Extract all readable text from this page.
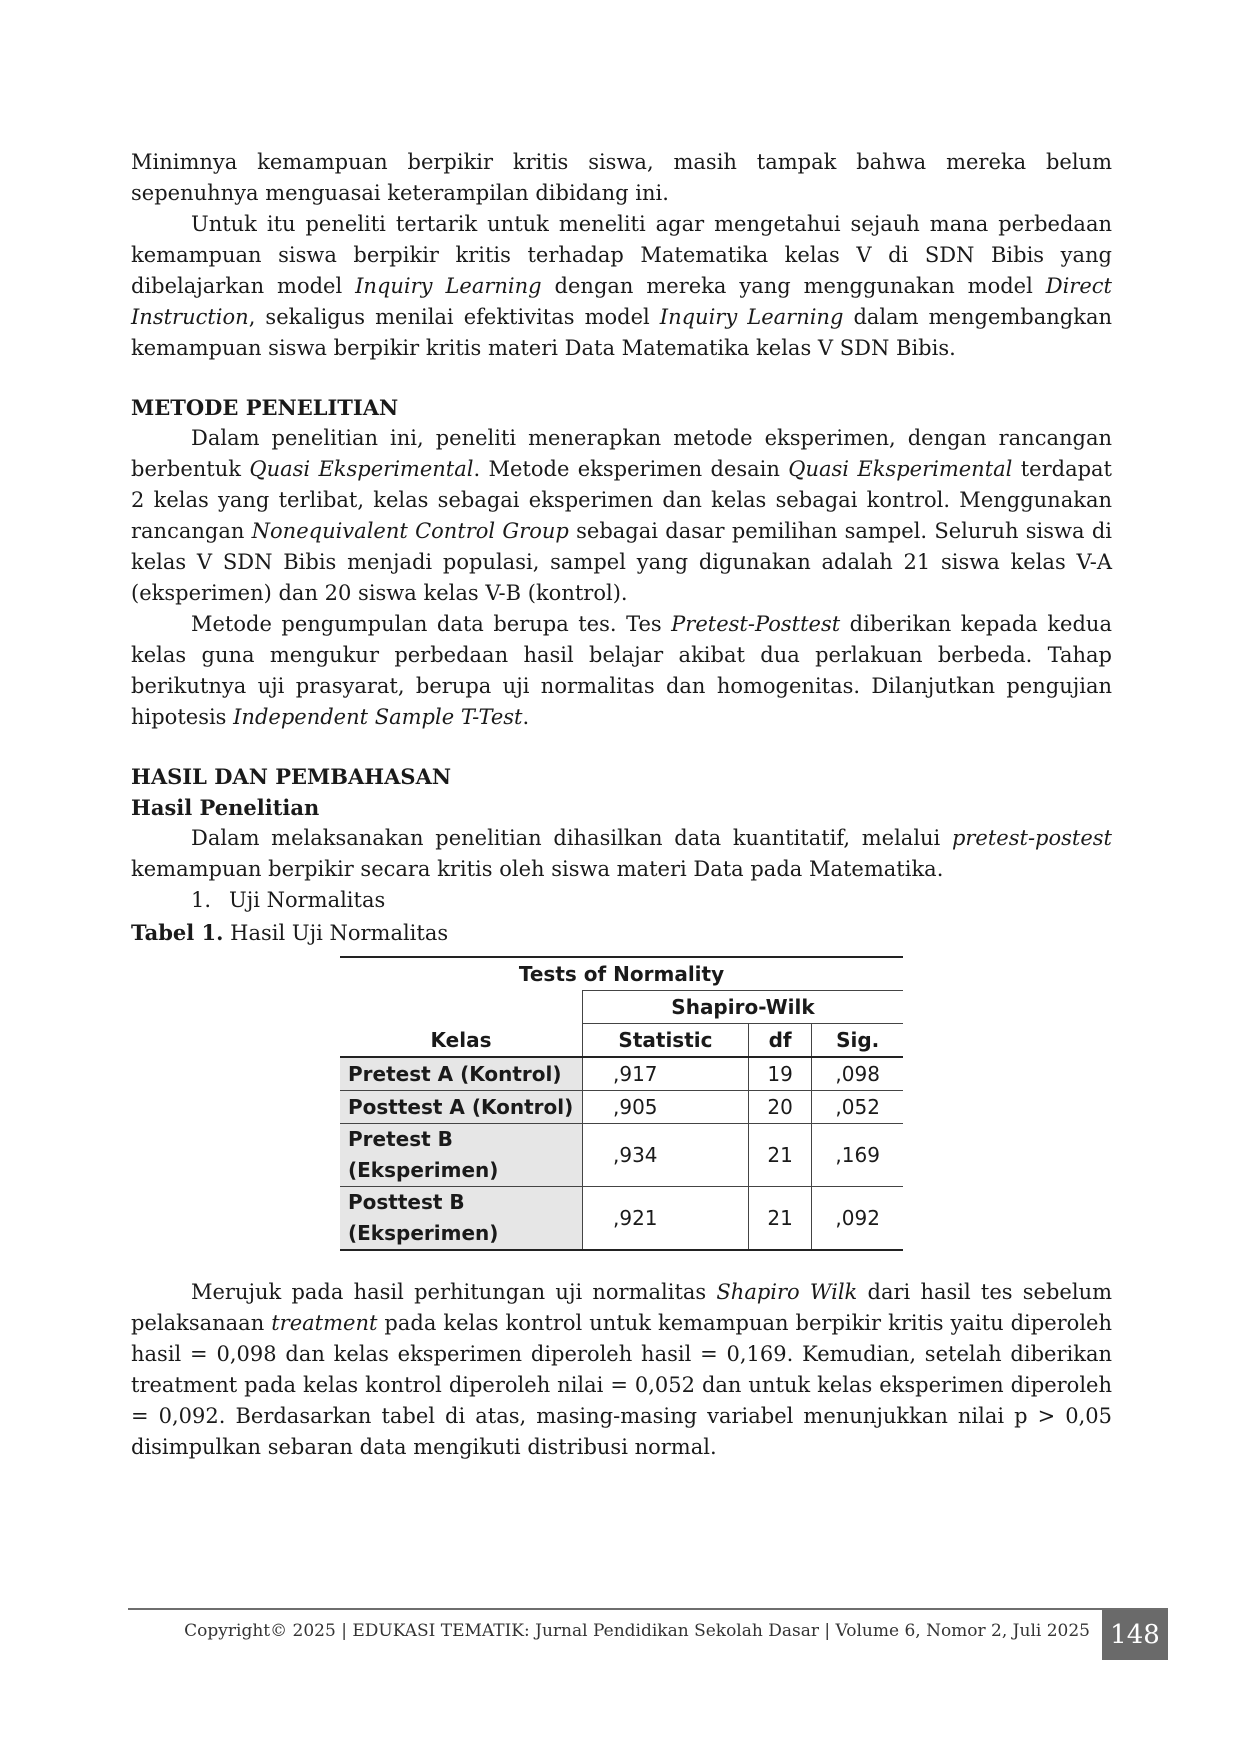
Minimnya kemampuan berpikir kritis siswa, masih tampak bahwa mereka belum sepenuhnya menguasai keterampilan dibidang ini.

Untuk itu peneliti tertarik untuk meneliti agar mengetahui sejauh mana perbedaan kemampuan siswa berpikir kritis terhadap Matematika kelas V di SDN Bibis yang dibelajarkan model Inquiry Learning dengan mereka yang menggunakan model Direct Instruction, sekaligus menilai efektivitas model Inquiry Learning dalam mengembangkan kemampuan siswa berpikir kritis materi Data Matematika kelas V SDN Bibis.

METODE PENELITIAN

Dalam penelitian ini, peneliti menerapkan metode eksperimen, dengan rancangan berbentuk Quasi Eksperimental. Metode eksperimen desain Quasi Eksperimental terdapat 2 kelas yang terlibat, kelas sebagai eksperimen dan kelas sebagai kontrol. Menggunakan rancangan Nonequivalent Control Group sebagai dasar pemilihan sampel. Seluruh siswa di kelas V SDN Bibis menjadi populasi, sampel yang digunakan adalah 21 siswa kelas V-A (eksperimen) dan 20 siswa kelas V-B (kontrol).

Metode pengumpulan data berupa tes. Tes Pretest-Posttest diberikan kepada kedua kelas guna mengukur perbedaan hasil belajar akibat dua perlakuan berbeda. Tahap berikutnya uji prasyarat, berupa uji normalitas dan homogenitas. Dilanjutkan pengujian hipotesis Independent Sample T-Test.

HASIL DAN PEMBAHASAN

Hasil Penelitian

Dalam melaksanakan penelitian dihasilkan data kuantitatif, melalui pretest-postest kemampuan berpikir secara kritis oleh siswa materi Data pada Matematika.

1. Uji Normalitas

Tabel 1. Hasil Uji Normalitas

Tests of Normality			
Kelas	Shapiro-Wilk		
	Statistic	df	Sig.
Pretest A (Kontrol)	,917	19	,098
Posttest A (Kontrol)	,905	20	,052
Pretest B (Eksperimen)	,934	21	,169
Posttest B (Eksperimen)	,921	21	,092

Merujuk pada hasil perhitungan uji normalitas Shapiro Wilk dari hasil tes sebelum pelaksanaan treatment pada kelas kontrol untuk kemampuan berpikir kritis yaitu diperoleh hasil = 0,098 dan kelas eksperimen diperoleh hasil = 0,169. Kemudian, setelah diberikan treatment pada kelas kontrol diperoleh nilai = 0,052 dan untuk kelas eksperimen diperoleh = 0,092. Berdasarkan tabel di atas, masing-masing variabel menunjukkan nilai p > 0,05 disimpulkan sebaran data mengikuti distribusi normal.

Copyright© 2025 | EDUKASI TEMATIK: Jurnal Pendidikan Sekolah Dasar | Volume 6, Nomor 2, Juli 2025 148
